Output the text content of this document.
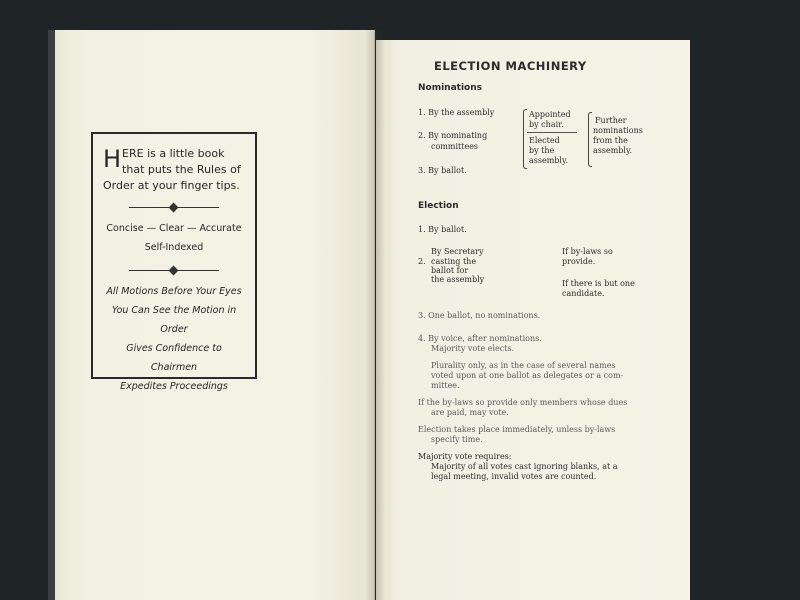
H ERE is a little book
that puts the Rules of
Order at your finger tips.
Concise — Clear — Accurate
Self-Indexed
All Motions Before Your Eyes
You Can See the Motion in Order
Gives Confidence to Chairmen
Expedites Proceedings
ELECTION MACHINERY
Nominations
1. By the assembly
2. By nominating
committees
3. By ballot.
Appointed
by chair.
Elected
by the
assembly.
Further
nominations
from the
assembly.
Election
1. By ballot.
By Secretary
2. casting the
ballot for
the assembly
If by-laws so
provide.
If there is but one
candidate.
3. One ballot, no nominations.
4. By voice, after nominations.
Majority vote elects.
Plurality only, as in the case of several names
voted upon at one ballot as delegates or a com-
mittee.
If the by-laws so provide only members whose dues
are paid, may vote.
Election takes place immediately, unless by-laws
specify time.
Majority vote requires:
Majority of all votes cast ignoring blanks, at a
legal meeting, invalid votes are counted.
